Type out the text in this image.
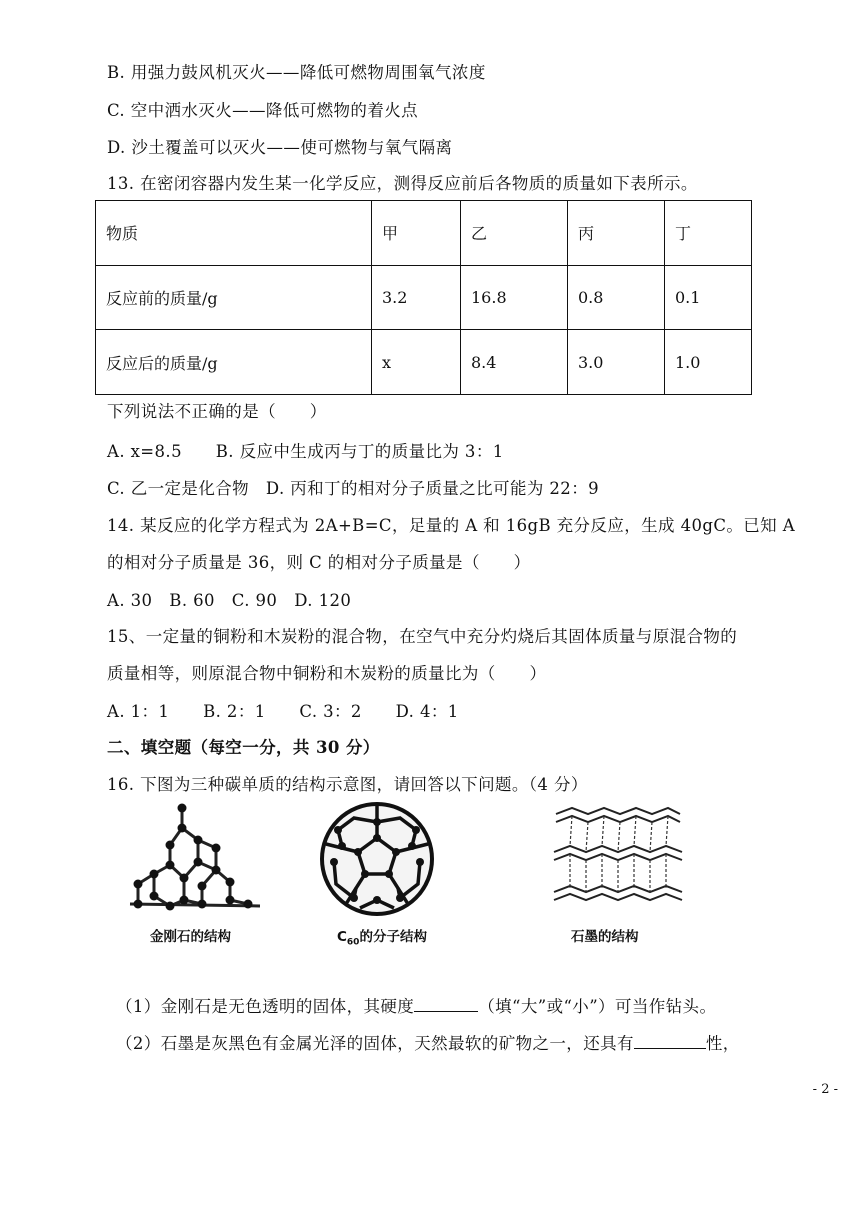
B. 用强力鼓风机灭火——降低可燃物周围氧气浓度
C. 空中洒水灭火——降低可燃物的着火点
D. 沙土覆盖可以灭火——使可燃物与氧气隔离
13. 在密闭容器内发生某一化学反应，测得反应前后各物质的质量如下表所示。
物质	甲	乙	丙	丁
反应前的质量/g	3.2	16.8	0.8	0.1
反应后的质量/g	x	8.4	3.0	1.0
下列说法不正确的是（　　）
A. x=8.5　　B. 反应中生成丙与丁的质量比为 3：1
C. 乙一定是化合物　D. 丙和丁的相对分子质量之比可能为 22：9
14. 某反应的化学方程式为 2A+B=C，足量的 A 和 16gB 充分反应，生成 40gC。已知 A
的相对分子质量是 36，则 C 的相对分子质量是（　　）
A. 30　B. 60　C. 90　D. 120
15、一定量的铜粉和木炭粉的混合物，在空气中充分灼烧后其固体质量与原混合物的
质量相等，则原混合物中铜粉和木炭粉的质量比为（　　）
A. 1：1　　B. 2：1　　C. 3：2　　D. 4：1
二、填空题（每空一分，共 30 分）
16. 下图为三种碳单质的结构示意图，请回答以下问题。（4 分）
金刚石的结构	$C_{60}$的分子结构	石墨的结构
（1）金刚石是无色透明的固体，其硬度	（填“大”或“小”）可当作钻头。
（2）石墨是灰黑色有金属光泽的固体，天然最软的矿物之一，还具有	性，
- 2 -
